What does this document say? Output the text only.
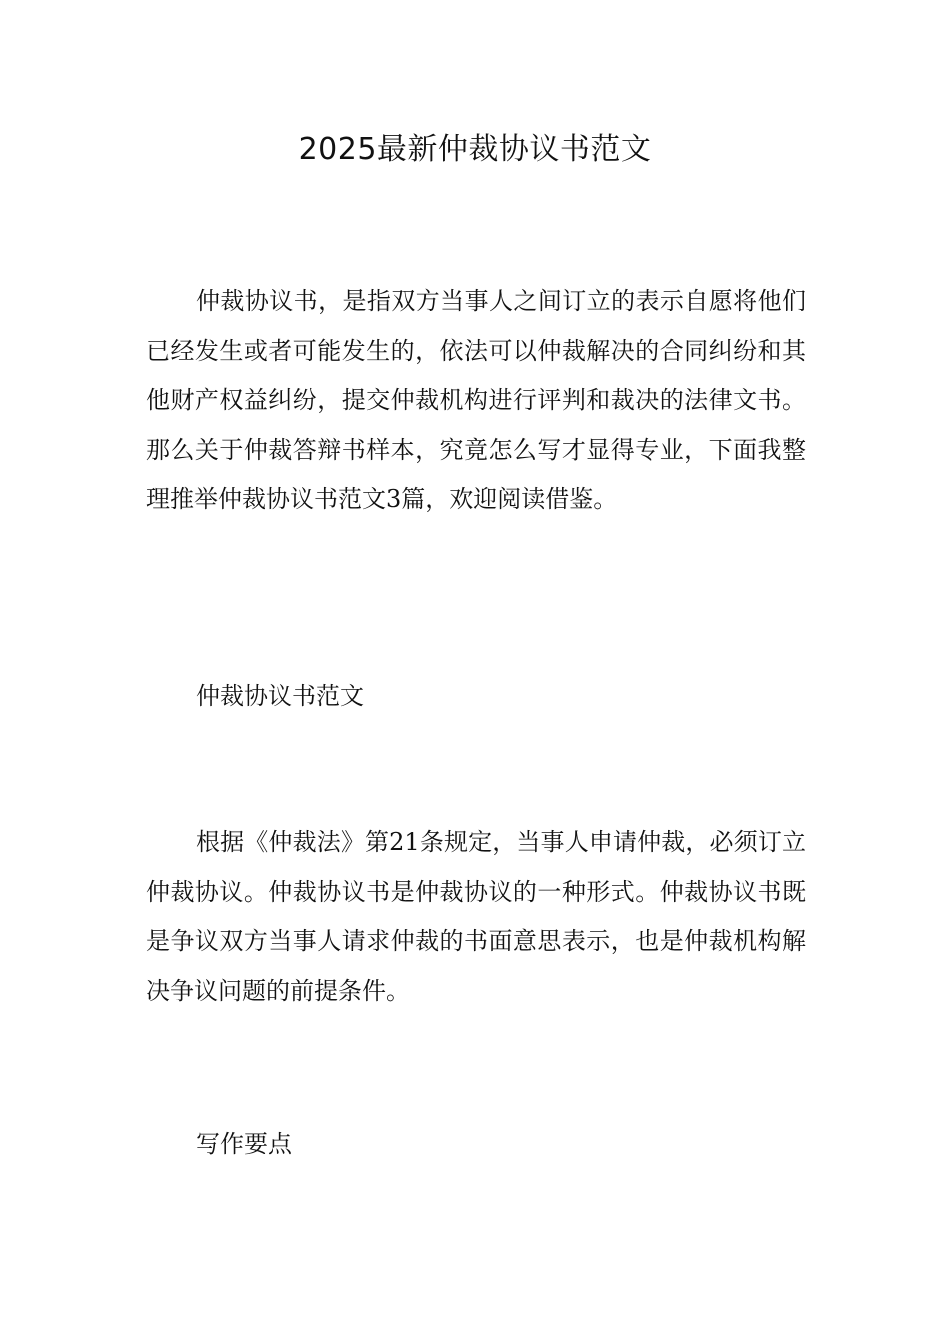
2025最新仲裁协议书范文

仲裁协议书，是指双方当事人之间订立的表示自愿将他们已经发生或者可能发生的，依法可以仲裁解决的合同纠纷和其他财产权益纠纷，提交仲裁机构进行评判和裁决的法律文书。那么关于仲裁答辩书样本，究竟怎么写才显得专业，下面我整理推举仲裁协议书范文3篇，欢迎阅读借鉴。

仲裁协议书范文

根据《仲裁法》第21条规定，当事人申请仲裁，必须订立仲裁协议。仲裁协议书是仲裁协议的一种形式。仲裁协议书既是争议双方当事人请求仲裁的书面意思表示，也是仲裁机构解决争议问题的前提条件。

写作要点
